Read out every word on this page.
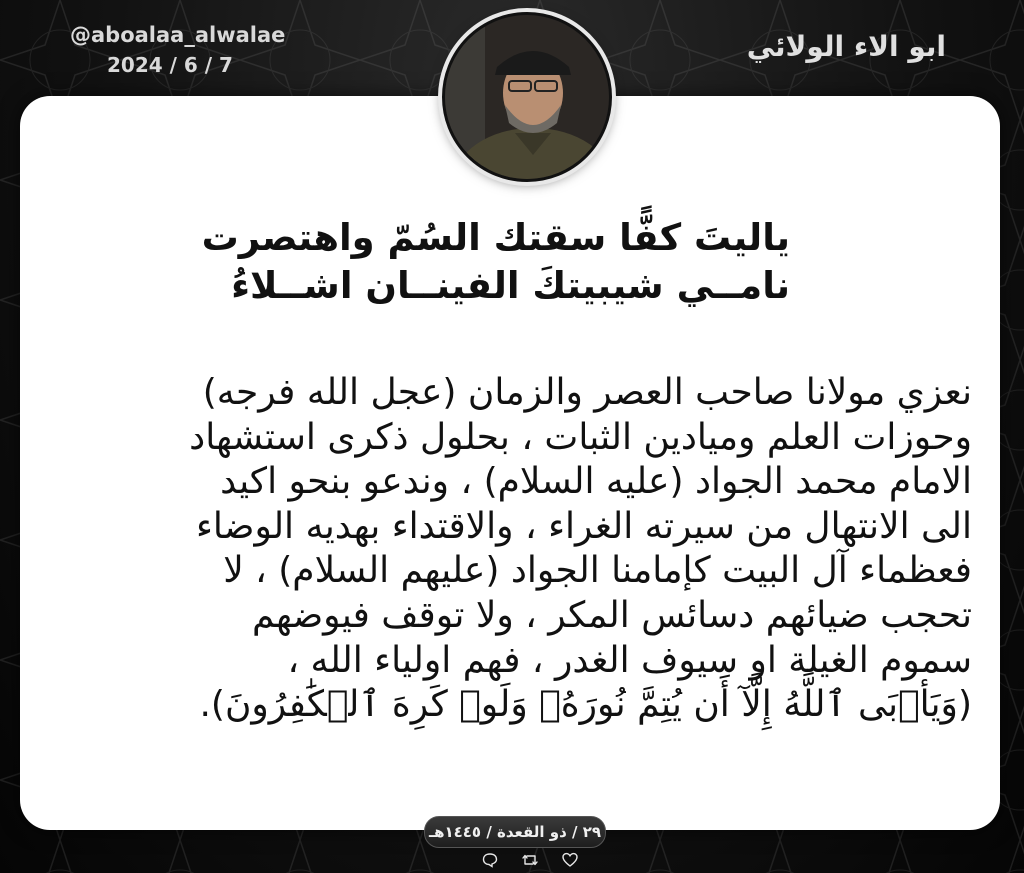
@aboalaa_alwalae
2024 / 6 / 7
ابو الاء الولائي
ياليتَ كفًّا سقتك السُمّ واهتصرت
نامــي شيبيتكَ الفينــان اشــلاءُ
نعزي مولانا صاحب العصر والزمان (عجل الله فرجه)
وحوزات العلم وميادين الثبات ، بحلول ذكرى استشهاد
الامام محمد الجواد (عليه السلام) ، وندعو بنحو اكيد
الى الانتهال من سيرته الغراء ، والاقتداء بهديه الوضاء
فعظماء آل البيت كإمامنا الجواد (عليهم السلام) ، لا
تحجب ضيائهم دسائس المكر ، ولا توقف فيوضهم
سموم الغيلة او سيوف الغدر ، فهم اولياء الله ،
(وَيَأۡبَى ٱللَّهُ إِلَّآ أَن يُتِمَّ نُورَهُۥ وَلَوۡ كَرِهَ ٱلۡكَٰفِرُونَ).
٢٩ / ذو القعدة / ١٤٤٥هـ
